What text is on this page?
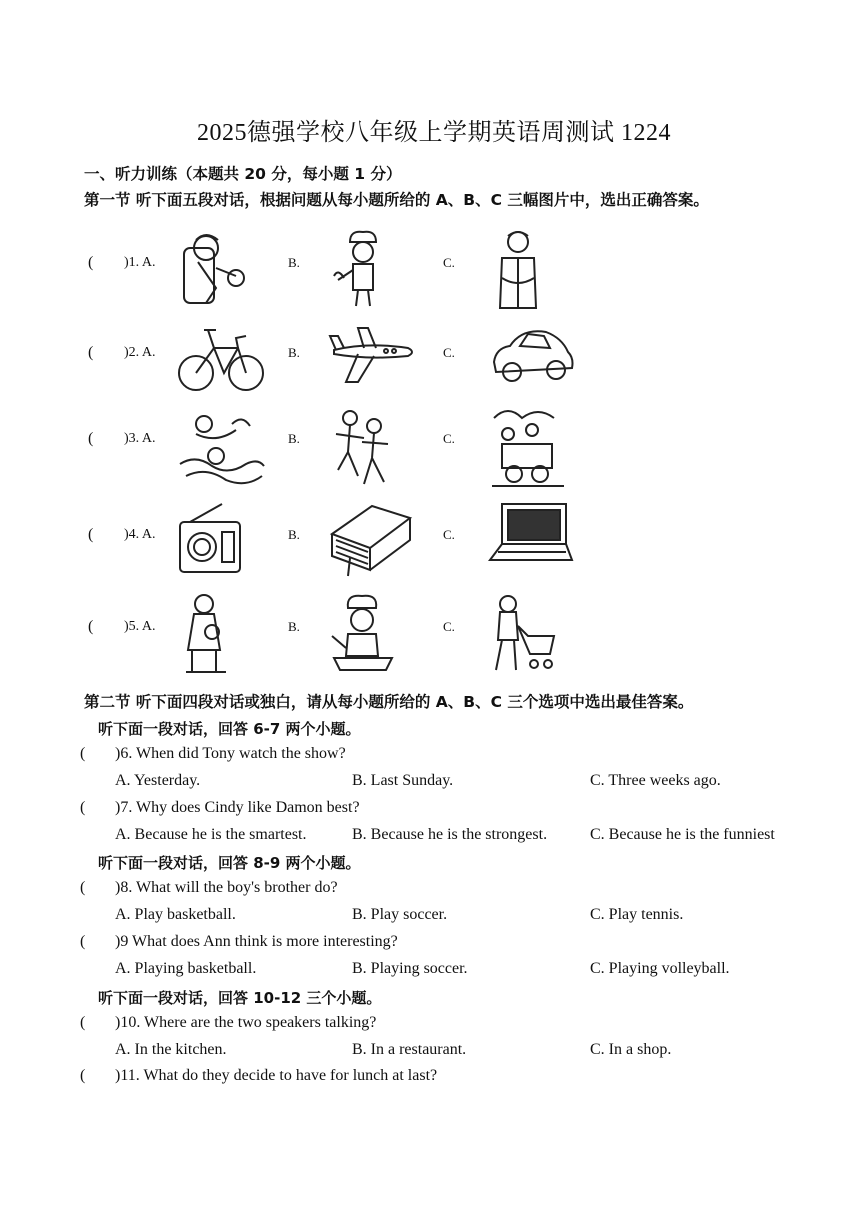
2025德强学校八年级上学期英语周测试 1224
一、听力训练（本题共 20 分，每小题 1 分）
第一节 听下面五段对话，根据问题从每小题所给的 A、B、C 三幅图片中，选出正确答案。
( )1. A.	B.	C.
( )2. A.	B.	C.
( )3. A.	B.	C.
( )4. A.	B.	C.
( )5. A.	B.	C.
第二节 听下面四段对话或独白，请从每小题所给的 A、B、C 三个选项中选出最佳答案。
听下面一段对话，回答 6-7 两个小题。
( )6. When did Tony watch the show?
A. Yesterday.	B. Last Sunday.	C. Three weeks ago.
( )7. Why does Cindy like Damon best?
A. Because he is the smartest.	B. Because he is the strongest.	C. Because he is the funniest
听下面一段对话，回答 8-9 两个小题。
( )8. What will the boy's brother do?
A. Play basketball.	B. Play soccer.	C. Play tennis.
( )9 What does Ann think is more interesting?
A. Playing basketball.	B. Playing soccer.	C. Playing volleyball.
听下面一段对话，回答 10-12 三个小题。
( )10. Where are the two speakers talking?
A. In the kitchen.	B. In a restaurant.	C. In a shop.
( )11. What do they decide to have for lunch at last?
